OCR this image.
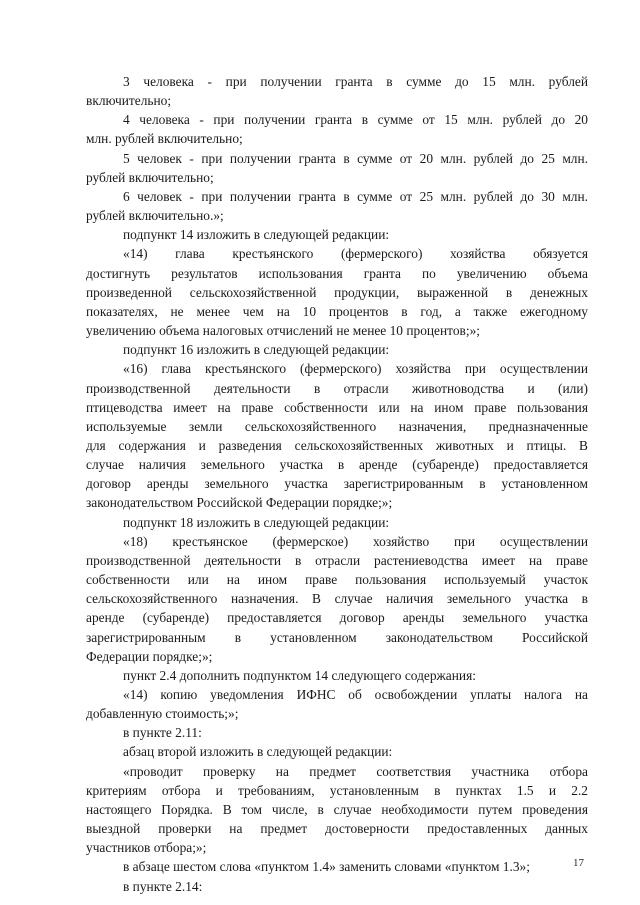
3 человека - при получении гранта в сумме до 15 млн. рублей
включительно;
4 человека - при получении гранта в сумме от 15 млн. рублей до 20
млн. рублей включительно;
5 человек - при получении гранта в сумме от 20 млн. рублей до 25 млн.
рублей включительно;
6 человек - при получении гранта в сумме от 25 млн. рублей до 30 млн.
рублей включительно.»;
подпункт 14 изложить в следующей редакции:
«14) глава крестьянского (фермерского) хозяйства обязуется
достигнуть результатов использования гранта по увеличению объема
произведенной сельскохозяйственной продукции, выраженной в денежных
показателях, не менее чем на 10 процентов в год, а также ежегодному
увеличению объема налоговых отчислений не менее 10 процентов;»;
подпункт 16 изложить в следующей редакции:
«16) глава крестьянского (фермерского) хозяйства при осуществлении
производственной деятельности в отрасли животноводства и (или)
птицеводства имеет на праве собственности или на ином праве пользования
используемые земли сельскохозяйственного назначения, предназначенные
для содержания и разведения сельскохозяйственных животных и птицы. В
случае наличия земельного участка в аренде (субаренде) предоставляется
договор аренды земельного участка зарегистрированным в установленном
законодательством Российской Федерации порядке;»;
подпункт 18 изложить в следующей редакции:
«18) крестьянское (фермерское) хозяйство при осуществлении
производственной деятельности в отрасли растениеводства имеет на праве
собственности или на ином праве пользования используемый участок
сельскохозяйственного назначения. В случае наличия земельного участка в
аренде (субаренде) предоставляется договор аренды земельного участка
зарегистрированным в установленном законодательством Российской
Федерации порядке;»;
пункт 2.4 дополнить подпунктом 14 следующего содержания:
«14) копию уведомления ИФНС об освобождении уплаты налога на
добавленную стоимость;»;
в пункте 2.11:
абзац второй изложить в следующей редакции:
«проводит проверку на предмет соответствия участника отбора
критериям отбора и требованиям, установленным в пунктах 1.5 и 2.2
настоящего Порядка. В том числе, в случае необходимости путем проведения
выездной проверки на предмет достоверности предоставленных данных
участников отбора;»;
в абзаце шестом слова «пунктом 1.4» заменить словами «пунктом 1.3»;
в пункте 2.14:
17
